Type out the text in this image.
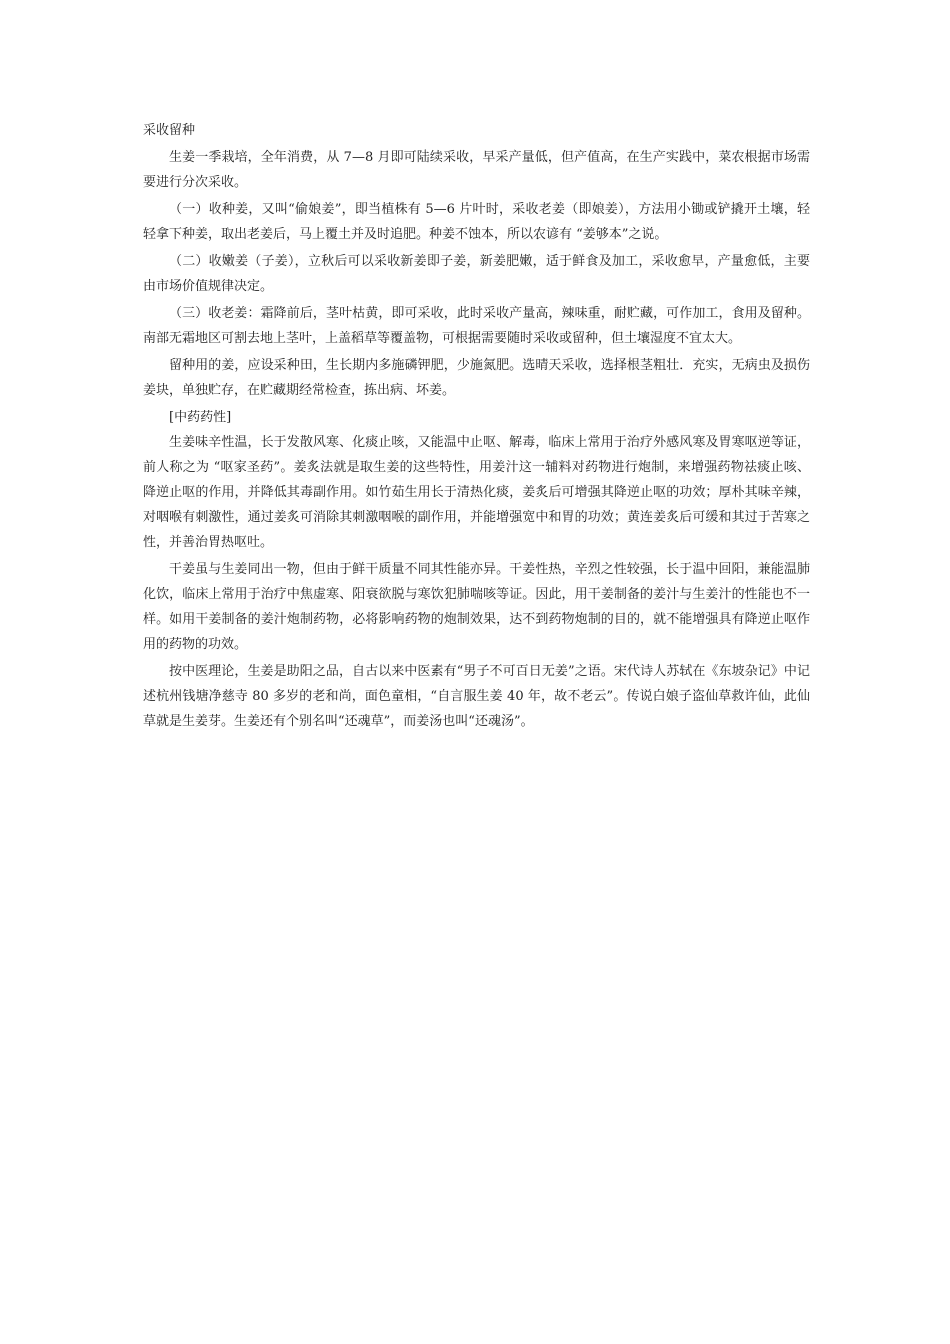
采收留种

生姜一季栽培，全年消费，从 7—8 月即可陆续采收，早采产量低，但产值高，在生产实践中，菜农根据市场需要进行分次采收。

（一）收种姜，又叫“偷娘姜”，即当植株有 5—6 片叶时，采收老姜（即娘姜），方法用小锄或铲撬开土壤，轻轻拿下种姜，取出老姜后，马上覆土并及时追肥。种姜不蚀本，所以农谚有 “姜够本”之说。

（二）收嫩姜（子姜），立秋后可以采收新姜即子姜，新姜肥嫩，适于鲜食及加工，采收愈早，产量愈低，主要由市场价值规律决定。

（三）收老姜：霜降前后，茎叶枯黄，即可采收，此时采收产量高，辣味重，耐贮藏，可作加工，食用及留种。南部无霜地区可割去地上茎叶，上盖稻草等覆盖物，可根据需要随时采收或留种，但土壤湿度不宜太大。

留种用的姜，应设采种田，生长期内多施磷钾肥，少施氮肥。选晴天采收，选择根茎粗壮．充实，无病虫及损伤姜块，单独贮存，在贮藏期经常检查，拣出病、坏姜。

[中药药性]

生姜味辛性温，长于发散风寒、化痰止咳，又能温中止呕、解毒，临床上常用于治疗外感风寒及胃寒呕逆等证，前人称之为 “呕家圣药”。姜炙法就是取生姜的这些特性，用姜汁这一辅料对药物进行炮制，来增强药物祛痰止咳、降逆止呕的作用，并降低其毒副作用。如竹茹生用长于清热化痰，姜炙后可增强其降逆止呕的功效；厚朴其味辛辣，对咽喉有刺激性，通过姜炙可消除其刺激咽喉的副作用，并能增强宽中和胃的功效；黄连姜炙后可缓和其过于苦寒之性，并善治胃热呕吐。

干姜虽与生姜同出一物，但由于鲜干质量不同其性能亦异。干姜性热，辛烈之性较强，长于温中回阳，兼能温肺化饮，临床上常用于治疗中焦虚寒、阳衰欲脱与寒饮犯肺喘咳等证。因此，用干姜制备的姜汁与生姜汁的性能也不一样。如用干姜制备的姜汁炮制药物，必将影响药物的炮制效果，达不到药物炮制的目的，就不能增强具有降逆止呕作用的药物的功效。

按中医理论，生姜是助阳之品，自古以来中医素有“男子不可百日无姜”之语。宋代诗人苏轼在《东坡杂记》中记述杭州钱塘净慈寺 80 多岁的老和尚，面色童相，“自言服生姜 40 年，故不老云”。传说白娘子盗仙草救许仙，此仙草就是生姜芽。生姜还有个别名叫“还魂草”，而姜汤也叫“还魂汤”。
